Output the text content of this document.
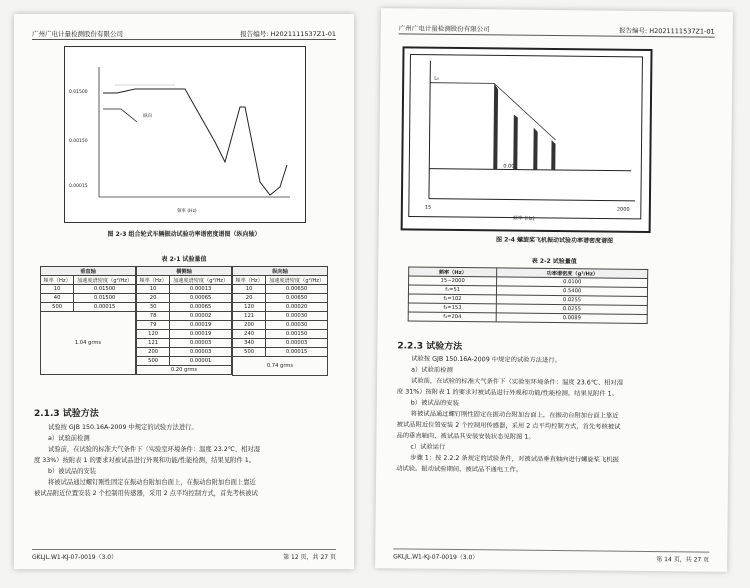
广州广电计量检测股份有限公司	报告编号: H2021111537Z1-01
0.01500
0.00150
0.00015
纵向
频率 (Hz)
图 2-3 组合轮式车辆振动试验功率谱密度谱图（纵向轴）
表 2-1 试验量值
垂直轴	
频率（Hz）	加速度谱密度（g²/Hz）
10	0.01500
40	0.01500
500	0.00015
1.04 grms	
横侧轴	
频率（Hz）	加速度谱密度（g²/Hz）
10	0.00013
20	0.00065
30	0.00065
78	0.00002
79	0.00019
120	0.00019
121	0.00003
200	0.00003
500	0.00001
0.20 grms	
纵向轴	
频率（Hz）	加速度谱密度（g²/Hz）
10	0.00650
20	0.00650
120	0.00020
121	0.00030
200	0.00030
240	0.00150
340	0.00003
500	0.00015
0.74 grms	
2.1.3 试验方法
试验按 GJB 150.16A-2009 中规定的试验方法进行。
a）试验前检测
试验前，在试验的标准大气条件下（实验室环境条件：温度 23.2℃、相对湿
度 33%）按附表 1 的要求对被试品进行外观和功能/性能检测，结果见附件 1。
b）被试品的安装
将被试品通过螺钉刚性固定在振动台附加台面上，在振动台附加台面上靠近
被试品附近位置安装 2 个控制用传感器，采用 2 点平均控制方式，首先考核被试
GKLJL.W1-KJ-07-0019（3.0）	第 12 页，共 27 页
广州广电计量检测股份有限公司	报告编号: H2021111537Z1-01
L₀
0.00
15	2000
频率 (Hz)
图 2-4 螺旋桨飞机振动试验功率谱密度谱图
表 2-2 试验量值
频率（Hz）	功率谱密度（g²/Hz）
15~2000	0.0100
f₁=51	0.5400
f₂=102	0.0255
f₃=153	0.0255
f₄=204	0.0089
2.2.3 试验方法
试验按 GJB 150.16A-2009 中规定的试验方法进行。
a）试验前检测
试验前，在试验的标准大气条件下（实验室环境条件：温度 23.6℃、相对湿
度 31%）按附表 1 的要求对被试品进行外观和功能/性能检测，结果见附件 1。
b）被试品的安装
将被试品通过螺钉刚性固定在振动台附加台面上，在振动台附加台面上靠近
被试品附近位置安装 2 个控制用传感器，采用 2 点平均控制方式，首先考核被试
品的垂直轴向，被试品其安装安装状态见附图 1。
c）试验运行
步骤 1：按 2.2.2 条规定的试验条件，对被试品垂直轴向进行螺旋桨飞机振
动试验。振动试验期间，被试品不通电工作。
GKLJL.W1-KJ-07-0019（3.0）	第 14 页，共 27 页
